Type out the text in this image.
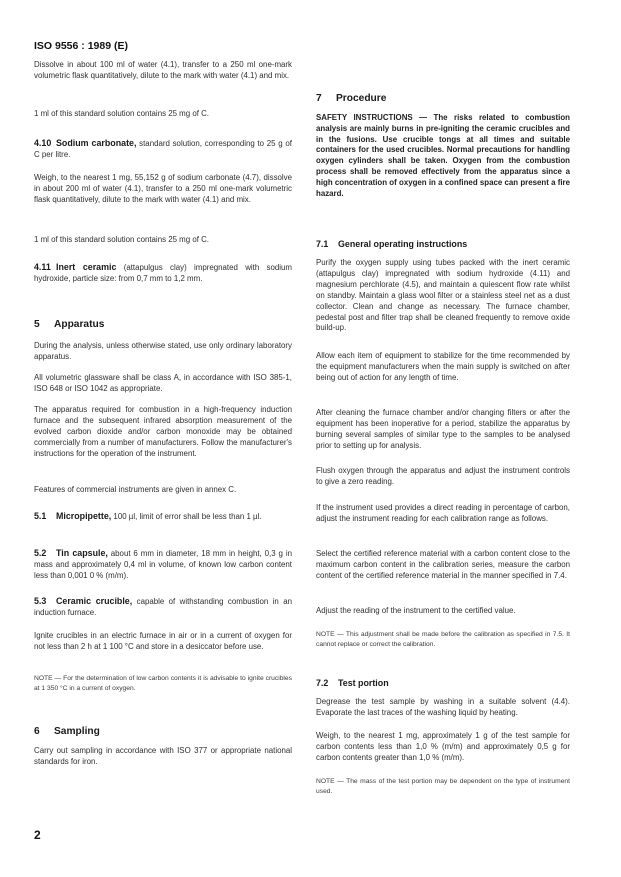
ISO 9556 : 1989 (E)

Dissolve in about 100 ml of water (4.1), transfer to a 250 ml one-mark volumetric flask quantitatively, dilute to the mark with water (4.1) and mix.

1 ml of this standard solution contains 25 mg of C.

4.10 Sodium carbonate, standard solution, corresponding to 25 g of C per litre.

Weigh, to the nearest 1 mg, 55,152 g of sodium carbonate (4.7), dissolve in about 200 ml of water (4.1), transfer to a 250 ml one-mark volumetric flask quantitatively, dilute to the mark with water (4.1) and mix.

1 ml of this standard solution contains 25 mg of C.

4.11 Inert ceramic (attapulgus clay) impregnated with sodium hydroxide, particle size: from 0,7 mm to 1,2 mm.

5 Apparatus

During the analysis, unless otherwise stated, use only ordinary laboratory apparatus.

All volumetric glassware shall be class A, in accordance with ISO 385-1, ISO 648 or ISO 1042 as appropriate.

The apparatus required for combustion in a high-frequency induction furnace and the subsequent infrared absorption measurement of the evolved carbon dioxide and/or carbon monoxide may be obtained commercially from a number of manufacturers. Follow the manufacturer's instructions for the operation of the instrument.

Features of commercial instruments are given in annex C.

5.1 Micropipette, 100 µl, limit of error shall be less than 1 µl.

5.2 Tin capsule, about 6 mm in diameter, 18 mm in height, 0,3 g in mass and approximately 0,4 ml in volume, of known low carbon content less than 0,001 0 % (m/m).

5.3 Ceramic crucible, capable of withstanding combustion in an induction furnace.

Ignite crucibles in an electric furnace in air or in a current of oxygen for not less than 2 h at 1 100 °C and store in a desiccator before use.

NOTE — For the determination of low carbon contents it is advisable to ignite crucibles at 1 350 °C in a current of oxygen.

6 Sampling

Carry out sampling in accordance with ISO 377 or appropriate national standards for iron.

7 Procedure

SAFETY INSTRUCTIONS — The risks related to combustion analysis are mainly burns in pre-igniting the ceramic crucibles and in the fusions. Use crucible tongs at all times and suitable containers for the used crucibles. Normal precautions for handling oxygen cylinders shall be taken. Oxygen from the combustion process shall be removed effectively from the apparatus since a high concentration of oxygen in a confined space can present a fire hazard.

7.1 General operating instructions

Purify the oxygen supply using tubes packed with the inert ceramic (attapulgus clay) impregnated with sodium hydroxide (4.11) and magnesium perchlorate (4.5), and maintain a quiescent flow rate whilst on standby. Maintain a glass wool filter or a stainless steel net as a dust collector. Clean and change as necessary. The furnace chamber, pedestal post and filter trap shall be cleaned frequently to remove oxide build-up.

Allow each item of equipment to stabilize for the time recommended by the equipment manufacturers when the main supply is switched on after being out of action for any length of time.

After cleaning the furnace chamber and/or changing filters or after the equipment has been inoperative for a period, stabilize the apparatus by burning several samples of similar type to the samples to be analysed prior to setting up for analysis.

Flush oxygen through the apparatus and adjust the instrument controls to give a zero reading.

If the instrument used provides a direct reading in percentage of carbon, adjust the instrument reading for each calibration range as follows.

Select the certified reference material with a carbon content close to the maximum carbon content in the calibration series, measure the carbon content of the certified reference material in the manner specified in 7.4.

Adjust the reading of the instrument to the certified value.

NOTE — This adjustment shall be made before the calibration as specified in 7.5. It cannot replace or correct the calibration.

7.2 Test portion

Degrease the test sample by washing in a suitable solvent (4.4). Evaporate the last traces of the washing liquid by heating.

Weigh, to the nearest 1 mg, approximately 1 g of the test sample for carbon contents less than 1,0 % (m/m) and approximately 0,5 g for carbon contents greater than 1,0 % (m/m).

NOTE — The mass of the test portion may be dependent on the type of instrument used.

2
